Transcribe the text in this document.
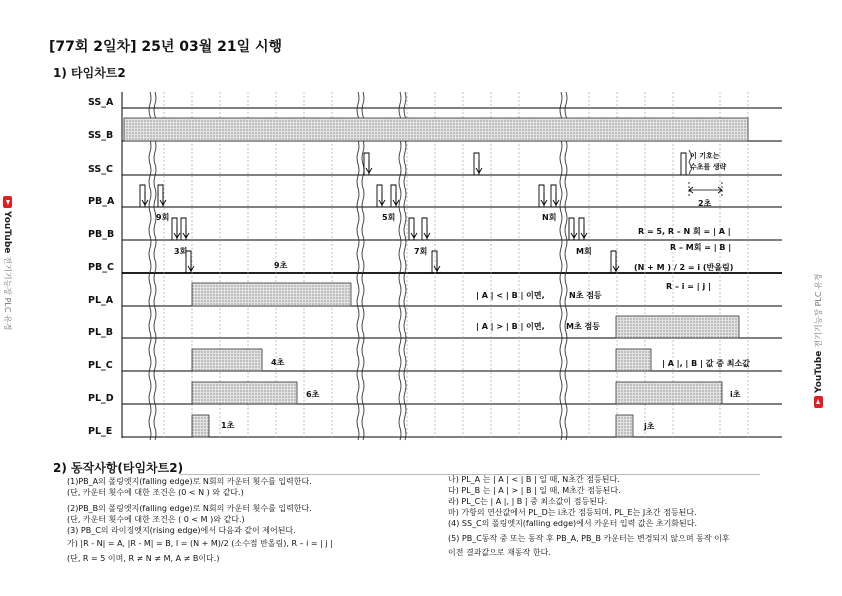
[77회 2일차] 25년 03월 21일 시행
1) 타임차트2
SS_A
SS_B
SS_C
PB_A
PB_B
PB_C
PL_A
PL_B
PL_C
PL_D
PL_E
9회	5회	N회
3회	7회	M회
9초
4초
6초
1초
이 기호는
수초를 생략
2초
R = 5, R – N 회 = | A |
R – M회 = | B |
(N + M ) / 2 = i (반올림)
R – i = | j |
| A | < | B | 이면,	N초 점등
| A | > | B | 이면,	M초 점등
| A |, | B | 값 중 최소값
i초
j초
YouTube
전기기능장 PLC 유경
YouTube
전기기능장 PLC 유경
2) 동작사항(타임차트2)
(1)PB_A의 폴링엣지(falling edge)로 N회의 카운터 횟수를 입력한다.
(단, 카운터 횟수에 대한 조건은 (0 < N ) 와 같다.)
(2)PB_B의 폴링엣지(falling edge)로 N회의 카운터 횟수를 입력한다.
(단, 카운터 횟수에 대한 조건은 ( 0 < M )와 같다.)
(3) PB_C의 라이징엣지(rising edge)에서 다음과 같이 제어된다.
가) |R - N| = A, |R - M| = B, I = (N + M)/2 (소수점 반올림), R – i = | j |
(단, R = 5 이며, R ≠ N ≠ M, A ≠ B이다.)
나) PL_A 는 | A | < | B | 일 때, N초간 점등된다.
다) PL_B 는 | A | > | B | 일 때, M초간 점등된다.
라) PL_C는 | A |, | B | 중 최소값이 점등된다.
마) 가항의 연산값에서 PL_D는 i초간 점등되며, PL_E는 J초간 점등된다.
(4) SS_C의 폴링엣지(falling edge)에서 카운터 입력 값은 초기화된다.
(5) PB_C동작 중 또는 동작 후 PB_A, PB_B 카운터는 변경되지 않으며 동작 이후
이전 결과값으로 재동작 한다.
